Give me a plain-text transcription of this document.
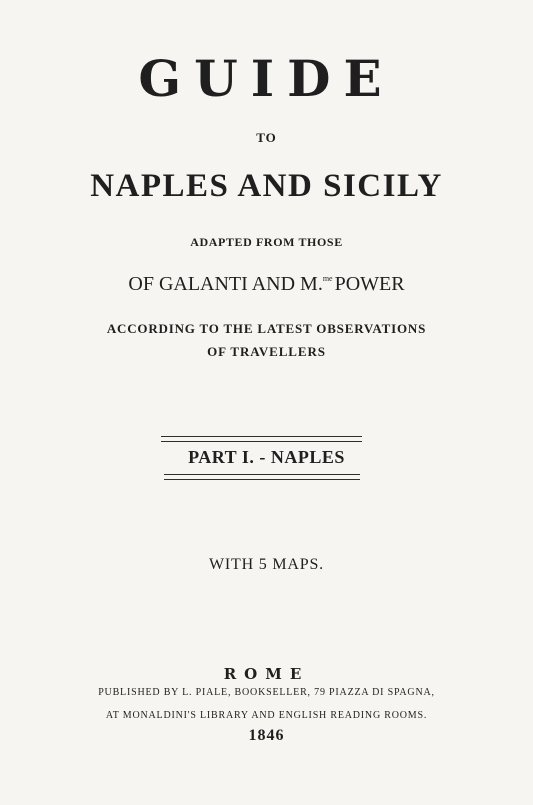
GUIDE
TO
NAPLES AND SICILY
ADAPTED FROM THOSE
OF GALANTI AND M.$^{me}$ POWER
ACCORDING TO THE LATEST OBSERVATIONS
OF TRAVELLERS
PART I. - NAPLES
WITH 5 MAPS.
ROME
PUBLISHED BY L. PIALE, BOOKSELLER, 79 PIAZZA DI SPAGNA,
AT MONALDINI'S LIBRARY AND ENGLISH READING ROOMS.
1846
